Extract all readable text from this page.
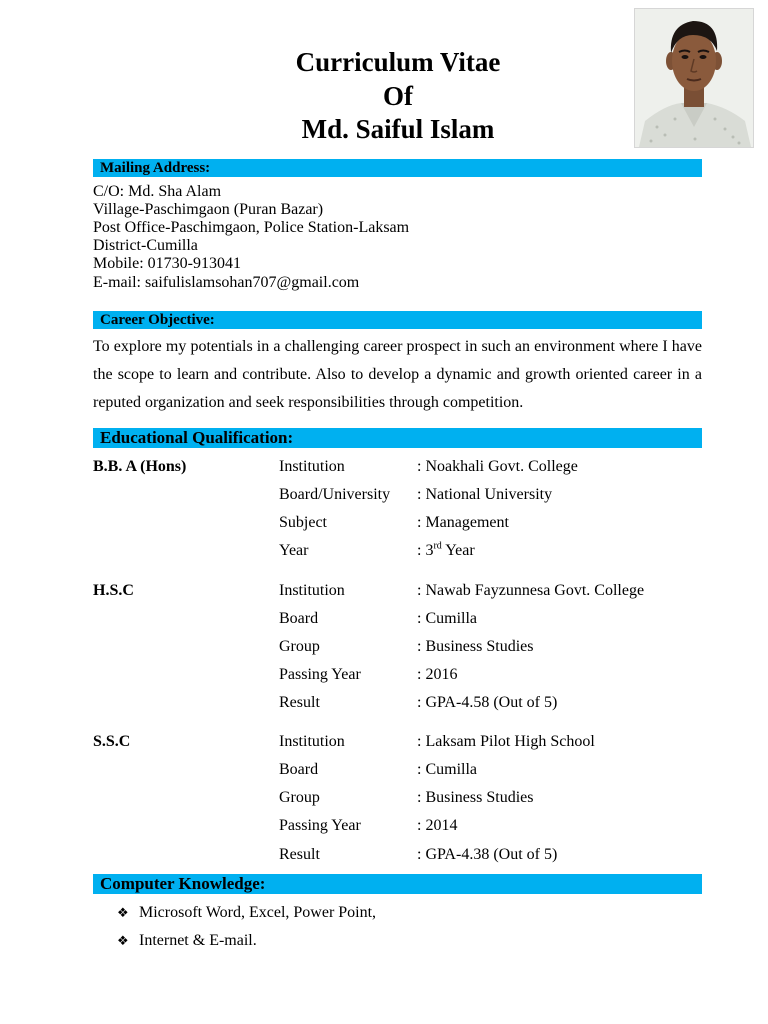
Curriculum Vitae
Of
Md. Saiful Islam
Mailing Address:
C/O: Md. Sha Alam
Village-Paschimgaon (Puran Bazar)
Post Office-Paschimgaon, Police Station-Laksam
District-Cumilla
Mobile: 01730-913041
E-mail: saifulislamsohan707@gmail.com
Career Objective:
To explore my potentials in a challenging career prospect in such an environment where I have the scope to learn and contribute. Also to develop a dynamic and growth oriented career in a reputed organization and seek responsibilities through competition.
Educational Qualification:
B.B. A (Hons)	Institution	: Noakhali Govt. College
Board/University : National University
Subject	: Management
Year	: 3rd Year
H.S.C	Institution	: Nawab Fayzunnesa Govt. College
Board	: Cumilla
Group	: Business Studies
Passing Year	: 2016
Result	: GPA-4.58 (Out of 5)
S.S.C	Institution	: Laksam Pilot High School
Board	: Cumilla
Group	: Business Studies
Passing Year	: 2014
Result	: GPA-4.38 (Out of 5)
Computer Knowledge:
❖ Microsoft Word, Excel, Power Point,
❖ Internet & E-mail.
